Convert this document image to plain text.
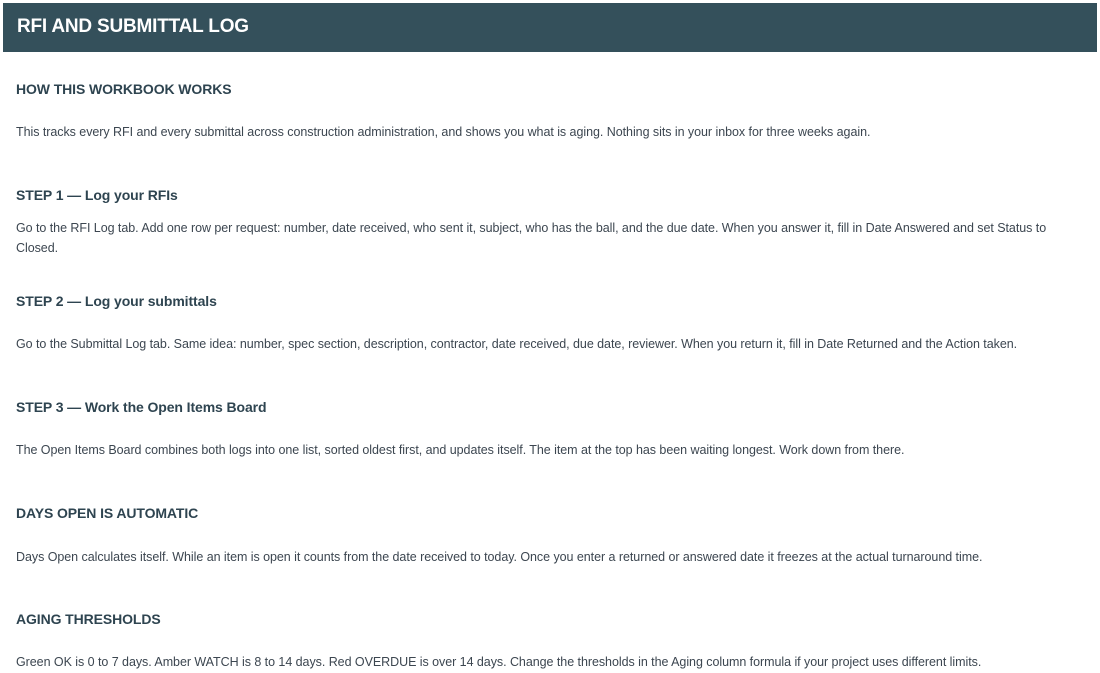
RFI AND SUBMITTAL LOG
HOW THIS WORKBOOK WORKS
This tracks every RFI and every submittal across construction administration, and shows you what is aging. Nothing sits in your inbox for three weeks again.
STEP 1 — Log your RFIs
Go to the RFI Log tab. Add one row per request: number, date received, who sent it, subject, who has the ball, and the due date. When you answer it, fill in Date Answered and set Status to Closed.
STEP 2 — Log your submittals
Go to the Submittal Log tab. Same idea: number, spec section, description, contractor, date received, due date, reviewer. When you return it, fill in Date Returned and the Action taken.
STEP 3 — Work the Open Items Board
The Open Items Board combines both logs into one list, sorted oldest first, and updates itself. The item at the top has been waiting longest. Work down from there.
DAYS OPEN IS AUTOMATIC
Days Open calculates itself. While an item is open it counts from the date received to today. Once you enter a returned or answered date it freezes at the actual turnaround time.
AGING THRESHOLDS
Green OK is 0 to 7 days. Amber WATCH is 8 to 14 days. Red OVERDUE is over 14 days. Change the thresholds in the Aging column formula if your project uses different limits.
